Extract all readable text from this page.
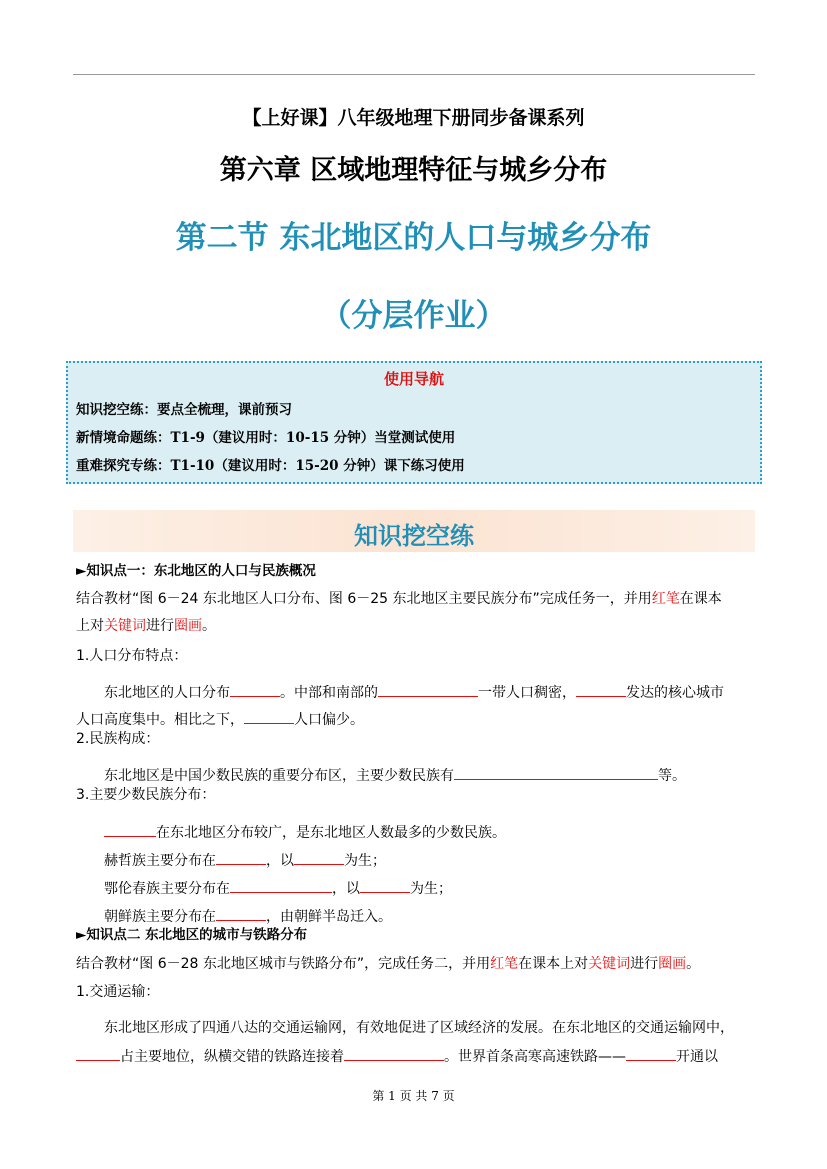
【上好课】八年级地理下册同步备课系列
第六章 区域地理特征与城乡分布
第二节 东北地区的人口与城乡分布
（分层作业）
使用导航
知识挖空练：要点全梳理，课前预习
新情境命题练：T1-9（建议用时：10-15 分钟）当堂测试使用
重难探究专练：T1-10（建议用时：15-20 分钟）课下练习使用
知识挖空练
►知识点一：东北地区的人口与民族概况
结合教材“图 6－24 东北地区人口分布、图 6－25 东北地区主要民族分布”完成任务一，并用红笔在课本
上对关键词进行圈画。
1.人口分布特点：
东北地区的人口分布	。中部和南部的	一带人口稠密，	发达的核心城市
人口高度集中。相比之下，	人口偏少。
2.民族构成：
东北地区是中国少数民族的重要分布区，主要少数民族有	等。
3.主要少数民族分布：
在东北地区分布较广，是东北地区人数最多的少数民族。
赫哲族主要分布在	，以	为生；
鄂伦春族主要分布在	，以	为生；
朝鲜族主要分布在	，由朝鲜半岛迁入。
►知识点二 东北地区的城市与铁路分布
结合教材“图 6－28 东北地区城市与铁路分布”，完成任务二，并用红笔在课本上对关键词进行圈画。
1.交通运输：
东北地区形成了四通八达的交通运输网，有效地促进了区域经济的发展。在东北地区的交通运输网中，
占主要地位，纵横交错的铁路连接着	。世界首条高寒高速铁路——	开通以
第 1 页 共 7 页
